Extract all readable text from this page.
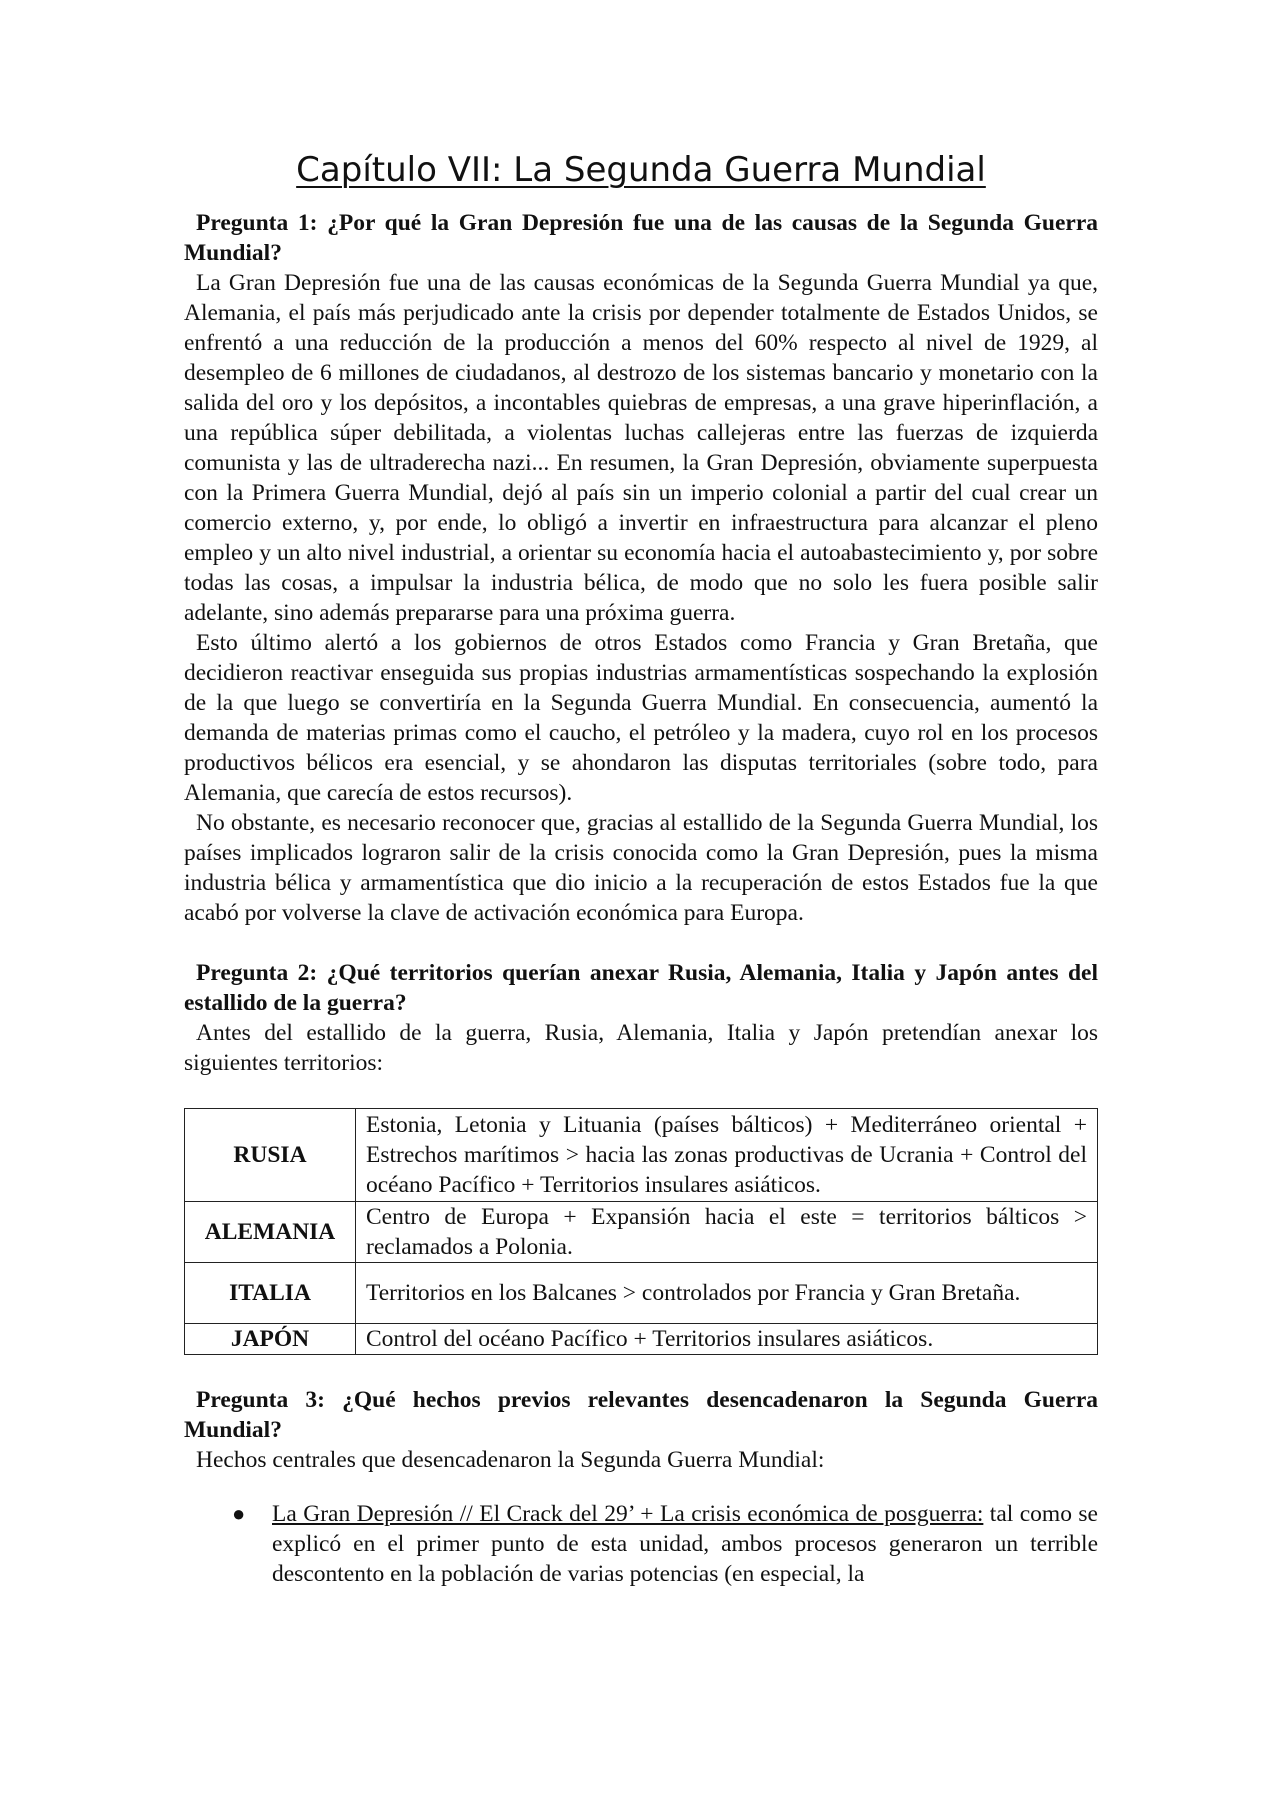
Capítulo VII: La Segunda Guerra Mundial

Pregunta 1: ¿Por qué la Gran Depresión fue una de las causas de la Segunda Guerra Mundial?

La Gran Depresión fue una de las causas económicas de la Segunda Guerra Mundial ya que, Alemania, el país más perjudicado ante la crisis por depender totalmente de Estados Unidos, se enfrentó a una reducción de la producción a menos del 60% respecto al nivel de 1929, al desempleo de 6 millones de ciudadanos, al destrozo de los sistemas bancario y monetario con la salida del oro y los depósitos, a incontables quiebras de empresas, a una grave hiperinflación, a una república súper debilitada, a violentas luchas callejeras entre las fuerzas de izquierda comunista y las de ultraderecha nazi... En resumen, la Gran Depresión, obviamente superpuesta con la Primera Guerra Mundial, dejó al país sin un imperio colonial a partir del cual crear un comercio externo, y, por ende, lo obligó a invertir en infraestructura para alcanzar el pleno empleo y un alto nivel industrial, a orientar su economía hacia el autoabastecimiento y, por sobre todas las cosas, a impulsar la industria bélica, de modo que no solo les fuera posible salir adelante, sino además prepararse para una próxima guerra.

Esto último alertó a los gobiernos de otros Estados como Francia y Gran Bretaña, que decidieron reactivar enseguida sus propias industrias armamentísticas sospechando la explosión de la que luego se convertiría en la Segunda Guerra Mundial. En consecuencia, aumentó la demanda de materias primas como el caucho, el petróleo y la madera, cuyo rol en los procesos productivos bélicos era esencial, y se ahondaron las disputas territoriales (sobre todo, para Alemania, que carecía de estos recursos).

No obstante, es necesario reconocer que, gracias al estallido de la Segunda Guerra Mundial, los países implicados lograron salir de la crisis conocida como la Gran Depresión, pues la misma industria bélica y armamentística que dio inicio a la recuperación de estos Estados fue la que acabó por volverse la clave de activación económica para Europa.

Pregunta 2: ¿Qué territorios querían anexar Rusia, Alemania, Italia y Japón antes del estallido de la guerra?

Antes del estallido de la guerra, Rusia, Alemania, Italia y Japón pretendían anexar los siguientes territorios:

RUSIA	Estonia, Letonia y Lituania (países bálticos) + Mediterráneo oriental + Estrechos marítimos > hacia las zonas productivas de Ucrania + Control del océano Pacífico + Territorios insulares asiáticos.
ALEMANIA	Centro de Europa + Expansión hacia el este = territorios bálticos > reclamados a Polonia.
ITALIA	Territorios en los Balcanes > controlados por Francia y Gran Bretaña.
JAPÓN	Control del océano Pacífico + Territorios insulares asiáticos.

Pregunta 3: ¿Qué hechos previos relevantes desencadenaron la Segunda Guerra Mundial?

Hechos centrales que desencadenaron la Segunda Guerra Mundial:

● La Gran Depresión // El Crack del 29’ + La crisis económica de posguerra: tal como se explicó en el primer punto de esta unidad, ambos procesos generaron un terrible descontento en la población de varias potencias (en especial, la
